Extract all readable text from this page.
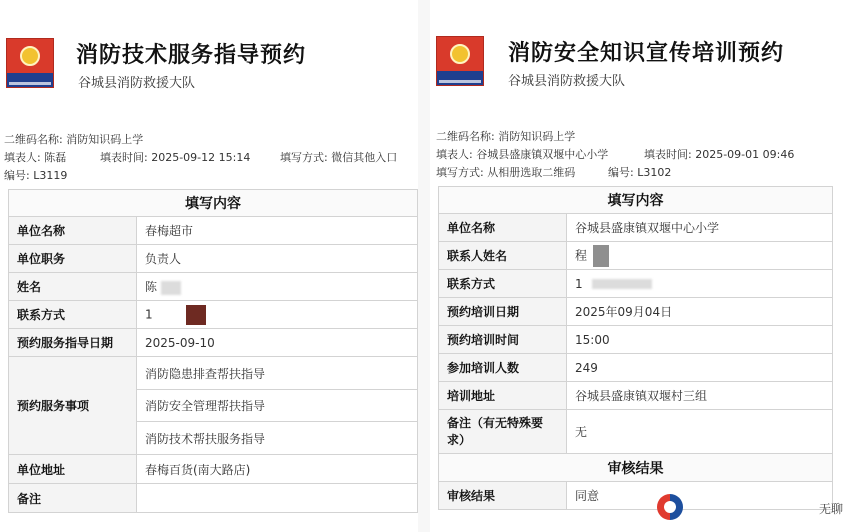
消防技术服务指导预约
谷城县消防救援大队
二维码名称: 消防知识码上学
填表人: 陈磊	填表时间: 2025-09-12 15:14	填写方式: 微信其他入口
编号: L3119
填写内容	
单位名称	春梅超市
单位职务	负责人
姓名	陈
联系方式	1
预约服务指导日期	2025-09-10
预约服务事项	消防隐患排查帮扶指导
	消防安全管理帮扶指导
	消防技术帮扶服务指导
单位地址	春梅百货(南大路店)
备注	
消防安全知识宣传培训预约
谷城县消防救援大队
二维码名称: 消防知识码上学
填表人: 谷城县盛康镇双堰中心小学	填表时间: 2025-09-01 09:46
填写方式: 从相册选取二维码	编号: L3102
填写内容	
单位名称	谷城县盛康镇双堰中心小学
联系人姓名	程
联系方式	1
预约培训日期	2025年09月04日
预约培训时间	15:00
参加培训人数	249
培训地址	谷城县盛康镇双堰村三组
备注（有无特殊要求）	无
审核结果	
审核结果	同意
无聊
